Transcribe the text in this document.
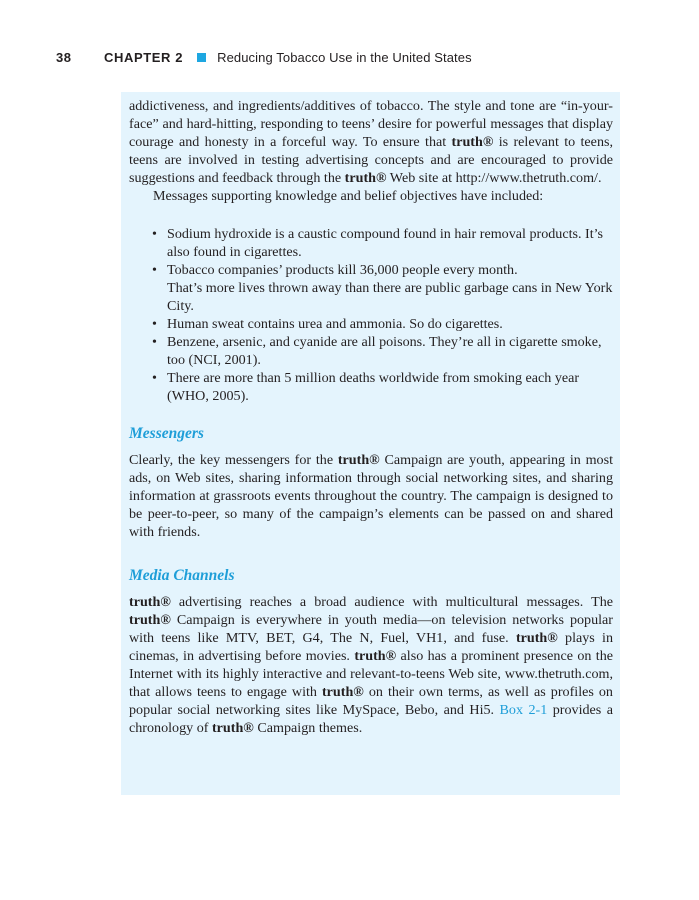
38	CHAPTER 2	Reducing Tobacco Use in the United States

addictiveness, and ingredients/additives of tobacco. The style and tone are “in-your-face” and hard-hitting, responding to teens’ desire for powerful messages that display courage and honesty in a forceful way. To ensure that truth® is relevant to teens, teens are involved in testing advertising concepts and are encouraged to provide suggestions and feedback through the truth® Web site at http://www.thetruth.com/.

Messages supporting knowledge and belief objectives have included:

• Sodium hydroxide is a caustic compound found in hair removal products. It’s also found in cigarettes.
• Tobacco companies’ products kill 36,000 people every month.
That’s more lives thrown away than there are public garbage cans in New York City.
• Human sweat contains urea and ammonia. So do cigarettes.
• Benzene, arsenic, and cyanide are all poisons. They’re all in cigarette smoke, too (NCI, 2001).
• There are more than 5 million deaths worldwide from smoking each year (WHO, 2005).
Messengers

Clearly, the key messengers for the truth® Campaign are youth, appearing in most ads, on Web sites, sharing information through social networking sites, and sharing information at grassroots events throughout the country. The campaign is designed to be peer-to-peer, so many of the campaign’s elements can be passed on and shared with friends.

Media Channels

truth® advertising reaches a broad audience with multicultural messages. The truth® Campaign is everywhere in youth media—on television networks popular with teens like MTV, BET, G4, The N, Fuel, VH1, and fuse. truth® plays in cinemas, in advertising before movies. truth® also has a prominent presence on the Internet with its highly interactive and relevant-to-teens Web site, www.thetruth.com, that allows teens to engage with truth® on their own terms, as well as profiles on popular social networking sites like MySpace, Bebo, and Hi5. Box 2-1 provides a chronology of truth® Campaign themes.
